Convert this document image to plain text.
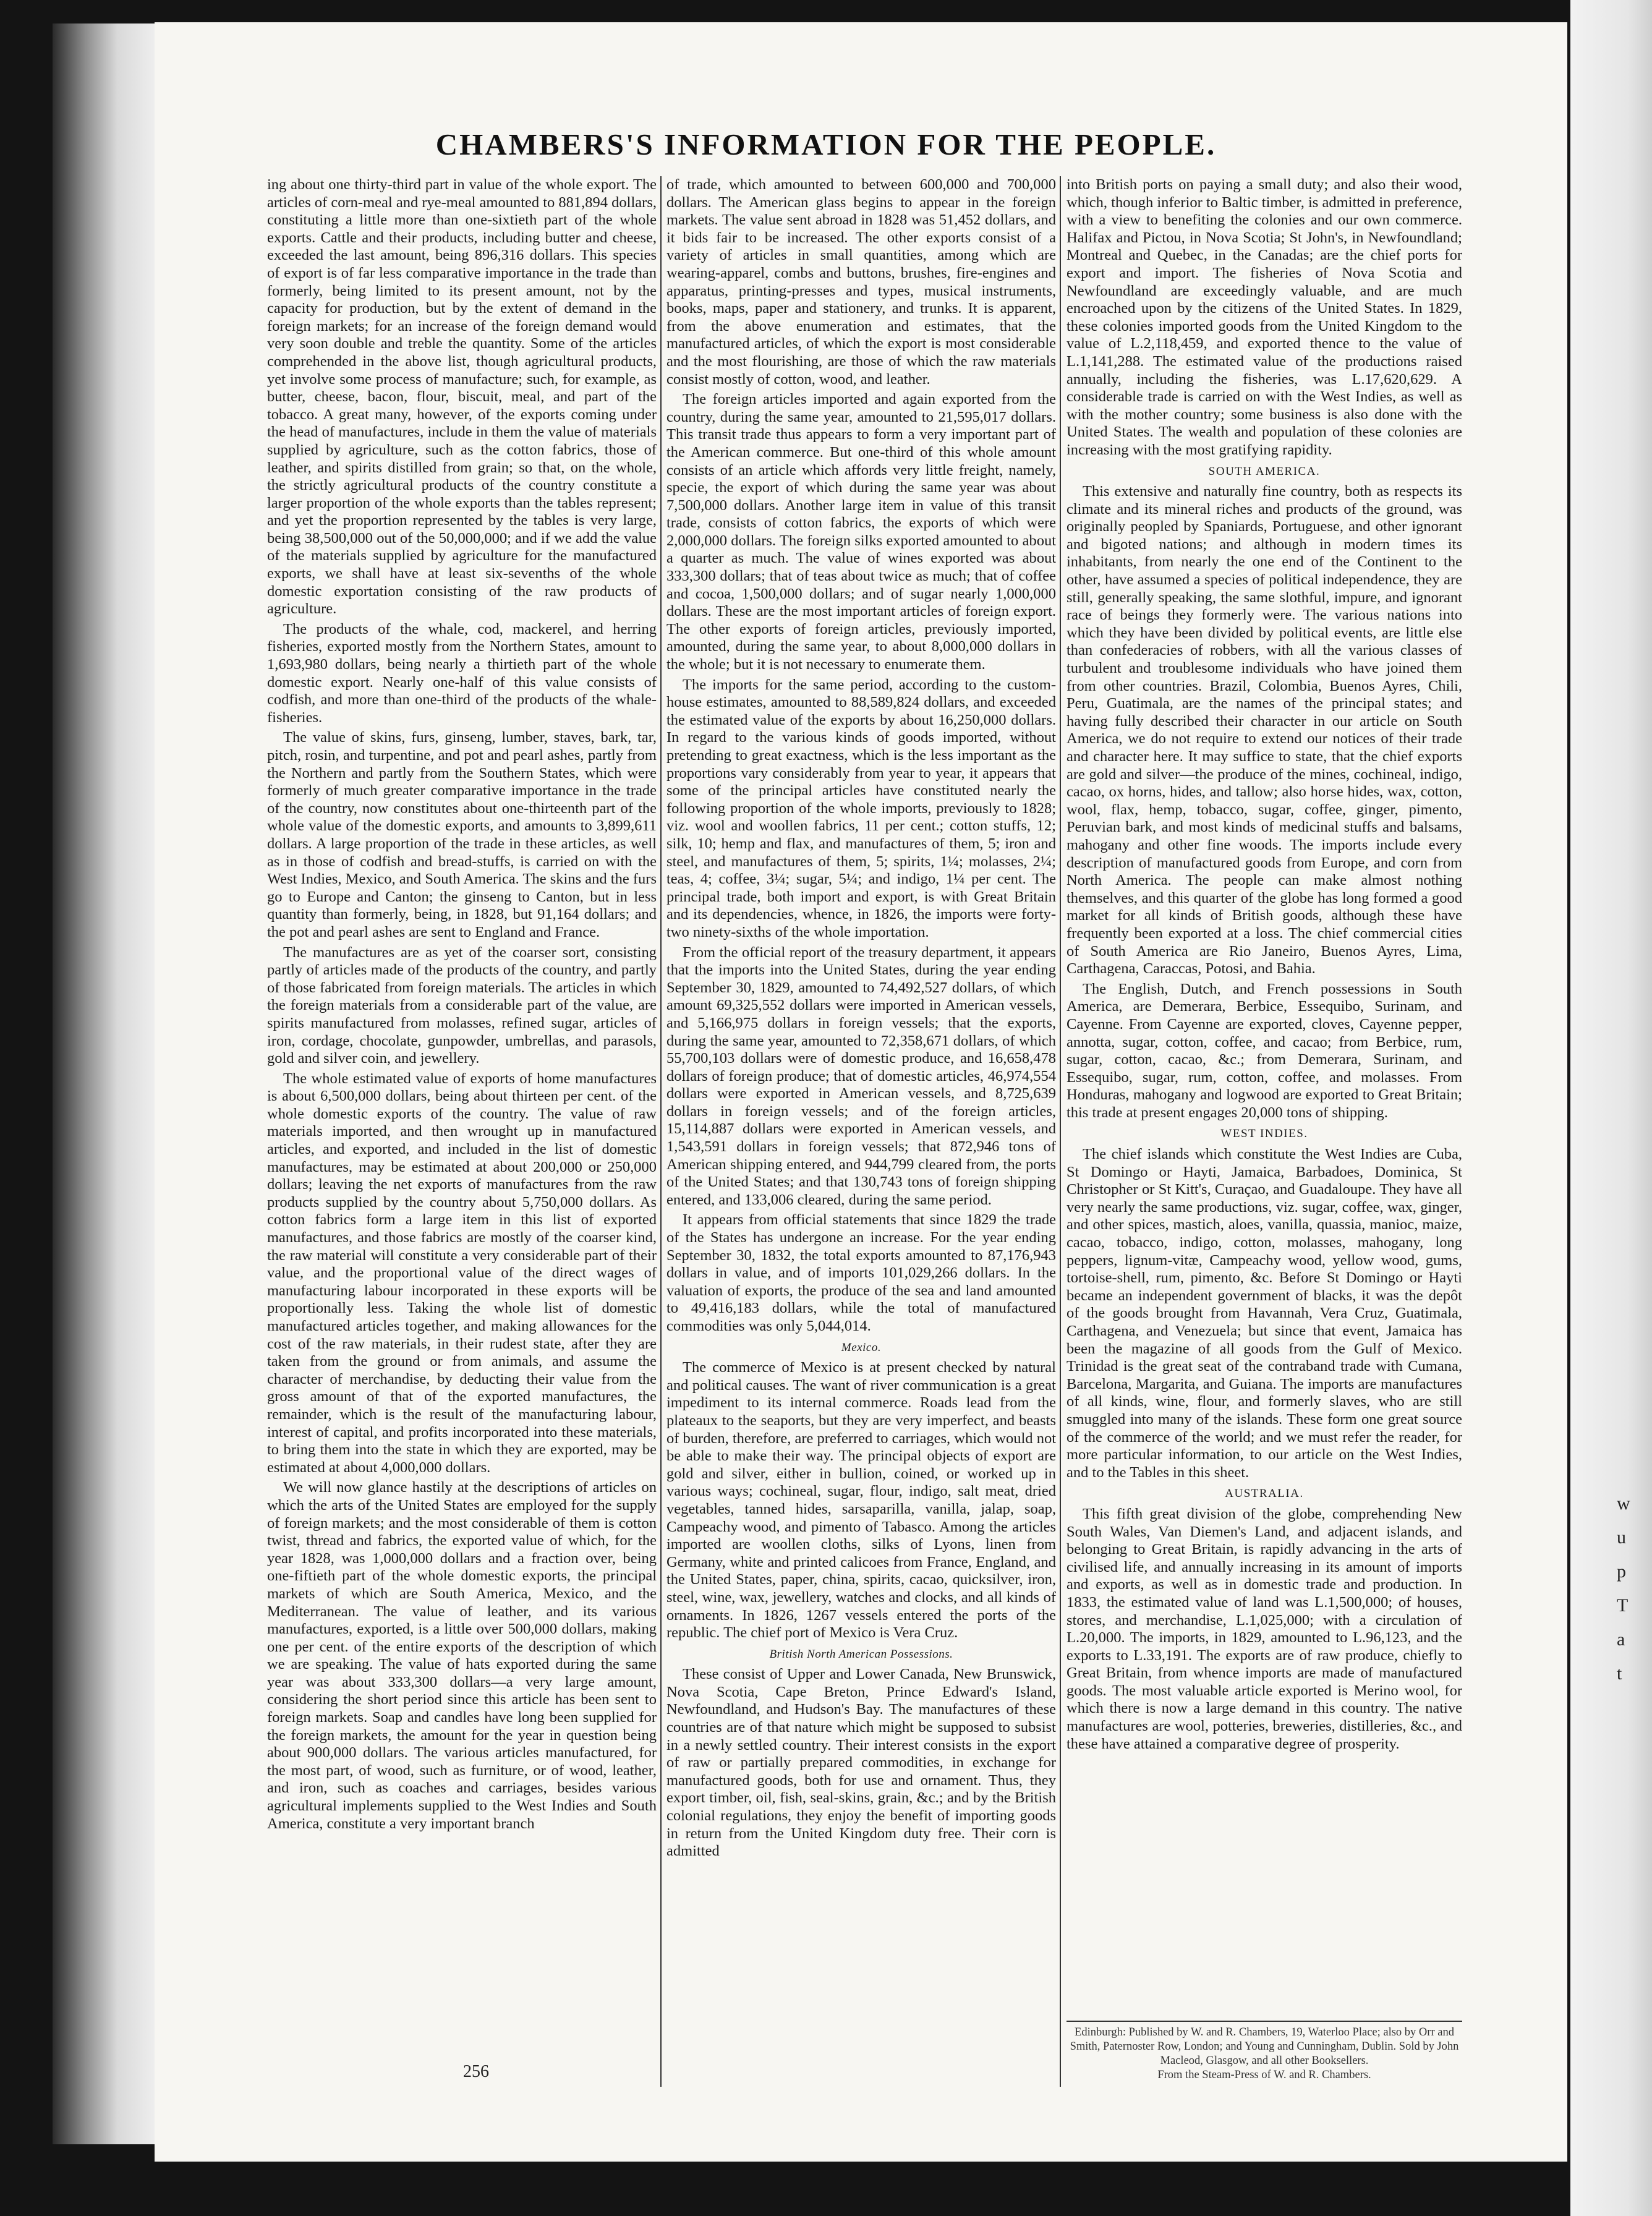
w
u
p
T
a
t
CHAMBERS'S INFORMATION FOR THE PEOPLE.

ing about one thirty-third part in value of the whole export. The articles of corn-meal and rye-meal amounted to 881,894 dollars, constituting a little more than one-sixtieth part of the whole exports. Cattle and their products, including butter and cheese, exceeded the last amount, being 896,316 dollars. This species of export is of far less comparative importance in the trade than formerly, being limited to its present amount, not by the capacity for production, but by the extent of demand in the foreign markets; for an increase of the foreign demand would very soon double and treble the quantity. Some of the articles comprehended in the above list, though agricultural products, yet involve some process of manufacture; such, for example, as butter, cheese, bacon, flour, biscuit, meal, and part of the tobacco. A great many, however, of the exports coming under the head of manufactures, include in them the value of materials supplied by agriculture, such as the cotton fabrics, those of leather, and spirits distilled from grain; so that, on the whole, the strictly agricultural products of the country constitute a larger proportion of the whole exports than the tables represent; and yet the proportion represented by the tables is very large, being 38,500,000 out of the 50,000,000; and if we add the value of the materials supplied by agriculture for the manufactured exports, we shall have at least six-sevenths of the whole domestic exportation consisting of the raw products of agriculture.

The products of the whale, cod, mackerel, and herring fisheries, exported mostly from the Northern States, amount to 1,693,980 dollars, being nearly a thirtieth part of the whole domestic export. Nearly one-half of this value consists of codfish, and more than one-third of the products of the whale-fisheries.

The value of skins, furs, ginseng, lumber, staves, bark, tar, pitch, rosin, and turpentine, and pot and pearl ashes, partly from the Northern and partly from the Southern States, which were formerly of much greater comparative importance in the trade of the country, now constitutes about one-thirteenth part of the whole value of the domestic exports, and amounts to 3,899,611 dollars. A large proportion of the trade in these articles, as well as in those of codfish and bread-stuffs, is carried on with the West Indies, Mexico, and South America. The skins and the furs go to Europe and Canton; the ginseng to Canton, but in less quantity than formerly, being, in 1828, but 91,164 dollars; and the pot and pearl ashes are sent to England and France.

The manufactures are as yet of the coarser sort, consisting partly of articles made of the products of the country, and partly of those fabricated from foreign materials. The articles in which the foreign materials from a considerable part of the value, are spirits manufactured from molasses, refined sugar, articles of iron, cordage, chocolate, gunpowder, umbrellas, and parasols, gold and silver coin, and jewellery.

The whole estimated value of exports of home manufactures is about 6,500,000 dollars, being about thirteen per cent. of the whole domestic exports of the country. The value of raw materials imported, and then wrought up in manufactured articles, and exported, and included in the list of domestic manufactures, may be estimated at about 200,000 or 250,000 dollars; leaving the net exports of manufactures from the raw products supplied by the country about 5,750,000 dollars. As cotton fabrics form a large item in this list of exported manufactures, and those fabrics are mostly of the coarser kind, the raw material will constitute a very considerable part of their value, and the proportional value of the direct wages of manufacturing labour incorporated in these exports will be proportionally less. Taking the whole list of domestic manufactured articles together, and making allowances for the cost of the raw materials, in their rudest state, after they are taken from the ground or from animals, and assume the character of merchandise, by deducting their value from the gross amount of that of the exported manufactures, the remainder, which is the result of the manufacturing labour, interest of capital, and profits incorporated into these materials, to bring them into the state in which they are exported, may be estimated at about 4,000,000 dollars.

We will now glance hastily at the descriptions of articles on which the arts of the United States are employed for the supply of foreign markets; and the most considerable of them is cotton twist, thread and fabrics, the exported value of which, for the year 1828, was 1,000,000 dollars and a fraction over, being one-fiftieth part of the whole domestic exports, the principal markets of which are South America, Mexico, and the Mediterranean. The value of leather, and its various manufactures, exported, is a little over 500,000 dollars, making one per cent. of the entire exports of the description of which we are speaking. The value of hats exported during the same year was about 333,300 dollars—a very large amount, considering the short period since this article has been sent to foreign markets. Soap and candles have long been supplied for the foreign markets, the amount for the year in question being about 900,000 dollars. The various articles manufactured, for the most part, of wood, such as furniture, or of wood, leather, and iron, such as coaches and carriages, besides various agricultural implements supplied to the West Indies and South America, constitute a very important branch

of trade, which amounted to between 600,000 and 700,000 dollars. The American glass begins to appear in the foreign markets. The value sent abroad in 1828 was 51,452 dollars, and it bids fair to be increased. The other exports consist of a variety of articles in small quantities, among which are wearing-apparel, combs and buttons, brushes, fire-engines and apparatus, printing-presses and types, musical instruments, books, maps, paper and stationery, and trunks. It is apparent, from the above enumeration and estimates, that the manufactured articles, of which the export is most considerable and the most flourishing, are those of which the raw materials consist mostly of cotton, wood, and leather.

The foreign articles imported and again exported from the country, during the same year, amounted to 21,595,017 dollars. This transit trade thus appears to form a very important part of the American commerce. But one-third of this whole amount consists of an article which affords very little freight, namely, specie, the export of which during the same year was about 7,500,000 dollars. Another large item in value of this transit trade, consists of cotton fabrics, the exports of which were 2,000,000 dollars. The foreign silks exported amounted to about a quarter as much. The value of wines exported was about 333,300 dollars; that of teas about twice as much; that of coffee and cocoa, 1,500,000 dollars; and of sugar nearly 1,000,000 dollars. These are the most important articles of foreign export. The other exports of foreign articles, previously imported, amounted, during the same year, to about 8,000,000 dollars in the whole; but it is not necessary to enumerate them.

The imports for the same period, according to the custom-house estimates, amounted to 88,589,824 dollars, and exceeded the estimated value of the exports by about 16,250,000 dollars. In regard to the various kinds of goods imported, without pretending to great exactness, which is the less important as the proportions vary considerably from year to year, it appears that some of the principal articles have constituted nearly the following proportion of the whole imports, previously to 1828; viz. wool and woollen fabrics, 11 per cent.; cotton stuffs, 12; silk, 10; hemp and flax, and manufactures of them, 5; iron and steel, and manufactures of them, 5; spirits, 1¼; molasses, 2¼; teas, 4; coffee, 3¼; sugar, 5¼; and indigo, 1¼ per cent. The principal trade, both import and export, is with Great Britain and its dependencies, whence, in 1826, the imports were forty-two ninety-sixths of the whole importation.

From the official report of the treasury department, it appears that the imports into the United States, during the year ending September 30, 1829, amounted to 74,492,527 dollars, of which amount 69,325,552 dollars were imported in American vessels, and 5,166,975 dollars in foreign vessels; that the exports, during the same year, amounted to 72,358,671 dollars, of which 55,700,103 dollars were of domestic produce, and 16,658,478 dollars of foreign produce; that of domestic articles, 46,974,554 dollars were exported in American vessels, and 8,725,639 dollars in foreign vessels; and of the foreign articles, 15,114,887 dollars were exported in American vessels, and 1,543,591 dollars in foreign vessels; that 872,946 tons of American shipping entered, and 944,799 cleared from, the ports of the United States; and that 130,743 tons of foreign shipping entered, and 133,006 cleared, during the same period.

It appears from official statements that since 1829 the trade of the States has undergone an increase. For the year ending September 30, 1832, the total exports amounted to 87,176,943 dollars in value, and of imports 101,029,266 dollars. In the valuation of exports, the produce of the sea and land amounted to 49,416,183 dollars, while the total of manufactured commodities was only 5,044,014.

Mexico.

The commerce of Mexico is at present checked by natural and political causes. The want of river communication is a great impediment to its internal commerce. Roads lead from the plateaux to the seaports, but they are very imperfect, and beasts of burden, therefore, are preferred to carriages, which would not be able to make their way. The principal objects of export are gold and silver, either in bullion, coined, or worked up in various ways; cochineal, sugar, flour, indigo, salt meat, dried vegetables, tanned hides, sarsaparilla, vanilla, jalap, soap, Campeachy wood, and pimento of Tabasco. Among the articles imported are woollen cloths, silks of Lyons, linen from Germany, white and printed calicoes from France, England, and the United States, paper, china, spirits, cacao, quicksilver, iron, steel, wine, wax, jewellery, watches and clocks, and all kinds of ornaments. In 1826, 1267 vessels entered the ports of the republic. The chief port of Mexico is Vera Cruz.

British North American Possessions.

These consist of Upper and Lower Canada, New Brunswick, Nova Scotia, Cape Breton, Prince Edward's Island, Newfoundland, and Hudson's Bay. The manufactures of these countries are of that nature which might be supposed to subsist in a newly settled country. Their interest consists in the export of raw or partially prepared commodities, in exchange for manufactured goods, both for use and ornament. Thus, they export timber, oil, fish, seal-skins, grain, &c.; and by the British colonial regulations, they enjoy the benefit of importing goods in return from the United Kingdom duty free. Their corn is admitted

into British ports on paying a small duty; and also their wood, which, though inferior to Baltic timber, is admitted in preference, with a view to benefiting the colonies and our own commerce. Halifax and Pictou, in Nova Scotia; St John's, in Newfoundland; Montreal and Quebec, in the Canadas; are the chief ports for export and import. The fisheries of Nova Scotia and Newfoundland are exceedingly valuable, and are much encroached upon by the citizens of the United States. In 1829, these colonies imported goods from the United Kingdom to the value of L.2,118,459, and exported thence to the value of L.1,141,288. The estimated value of the productions raised annually, including the fisheries, was L.17,620,629. A considerable trade is carried on with the West Indies, as well as with the mother country; some business is also done with the United States. The wealth and population of these colonies are increasing with the most gratifying rapidity.

SOUTH AMERICA.

This extensive and naturally fine country, both as respects its climate and its mineral riches and products of the ground, was originally peopled by Spaniards, Portuguese, and other ignorant and bigoted nations; and although in modern times its inhabitants, from nearly the one end of the Continent to the other, have assumed a species of political independence, they are still, generally speaking, the same slothful, impure, and ignorant race of beings they formerly were. The various nations into which they have been divided by political events, are little else than confederacies of robbers, with all the various classes of turbulent and troublesome individuals who have joined them from other countries. Brazil, Colombia, Buenos Ayres, Chili, Peru, Guatimala, are the names of the principal states; and having fully described their character in our article on South America, we do not require to extend our notices of their trade and character here. It may suffice to state, that the chief exports are gold and silver—the produce of the mines, cochineal, indigo, cacao, ox horns, hides, and tallow; also horse hides, wax, cotton, wool, flax, hemp, tobacco, sugar, coffee, ginger, pimento, Peruvian bark, and most kinds of medicinal stuffs and balsams, mahogany and other fine woods. The imports include every description of manufactured goods from Europe, and corn from North America. The people can make almost nothing themselves, and this quarter of the globe has long formed a good market for all kinds of British goods, although these have frequently been exported at a loss. The chief commercial cities of South America are Rio Janeiro, Buenos Ayres, Lima, Carthagena, Caraccas, Potosi, and Bahia.

The English, Dutch, and French possessions in South America, are Demerara, Berbice, Essequibo, Surinam, and Cayenne. From Cayenne are exported, cloves, Cayenne pepper, annotta, sugar, cotton, coffee, and cacao; from Berbice, rum, sugar, cotton, cacao, &c.; from Demerara, Surinam, and Essequibo, sugar, rum, cotton, coffee, and molasses. From Honduras, mahogany and logwood are exported to Great Britain; this trade at present engages 20,000 tons of shipping.

WEST INDIES.

The chief islands which constitute the West Indies are Cuba, St Domingo or Hayti, Jamaica, Barbadoes, Dominica, St Christopher or St Kitt's, Curaçao, and Guadaloupe. They have all very nearly the same productions, viz. sugar, coffee, wax, ginger, and other spices, mastich, aloes, vanilla, quassia, manioc, maize, cacao, tobacco, indigo, cotton, molasses, mahogany, long peppers, lignum-vitæ, Campeachy wood, yellow wood, gums, tortoise-shell, rum, pimento, &c. Before St Domingo or Hayti became an independent government of blacks, it was the depôt of the goods brought from Havannah, Vera Cruz, Guatimala, Carthagena, and Venezuela; but since that event, Jamaica has been the magazine of all goods from the Gulf of Mexico. Trinidad is the great seat of the contraband trade with Cumana, Barcelona, Margarita, and Guiana. The imports are manufactures of all kinds, wine, flour, and formerly slaves, who are still smuggled into many of the islands. These form one great source of the commerce of the world; and we must refer the reader, for more particular information, to our article on the West Indies, and to the Tables in this sheet.

AUSTRALIA.

This fifth great division of the globe, comprehending New South Wales, Van Diemen's Land, and adjacent islands, and belonging to Great Britain, is rapidly advancing in the arts of civilised life, and annually increasing in its amount of imports and exports, as well as in domestic trade and production. In 1833, the estimated value of land was L.1,500,000; of houses, stores, and merchandise, L.1,025,000; with a circulation of L.20,000. The imports, in 1829, amounted to L.96,123, and the exports to L.33,191. The exports are of raw produce, chiefly to Great Britain, from whence imports are made of manufactured goods. The most valuable article exported is Merino wool, for which there is now a large demand in this country. The native manufactures are wool, potteries, breweries, distilleries, &c., and these have attained a comparative degree of prosperity.

Edinburgh: Published by W. and R. Chambers, 19, Waterloo Place; also by Orr and Smith, Paternoster Row, London; and Young and Cunningham, Dublin. Sold by John Macleod, Glasgow, and all other Booksellers.
From the Steam-Press of W. and R. Chambers.
256
